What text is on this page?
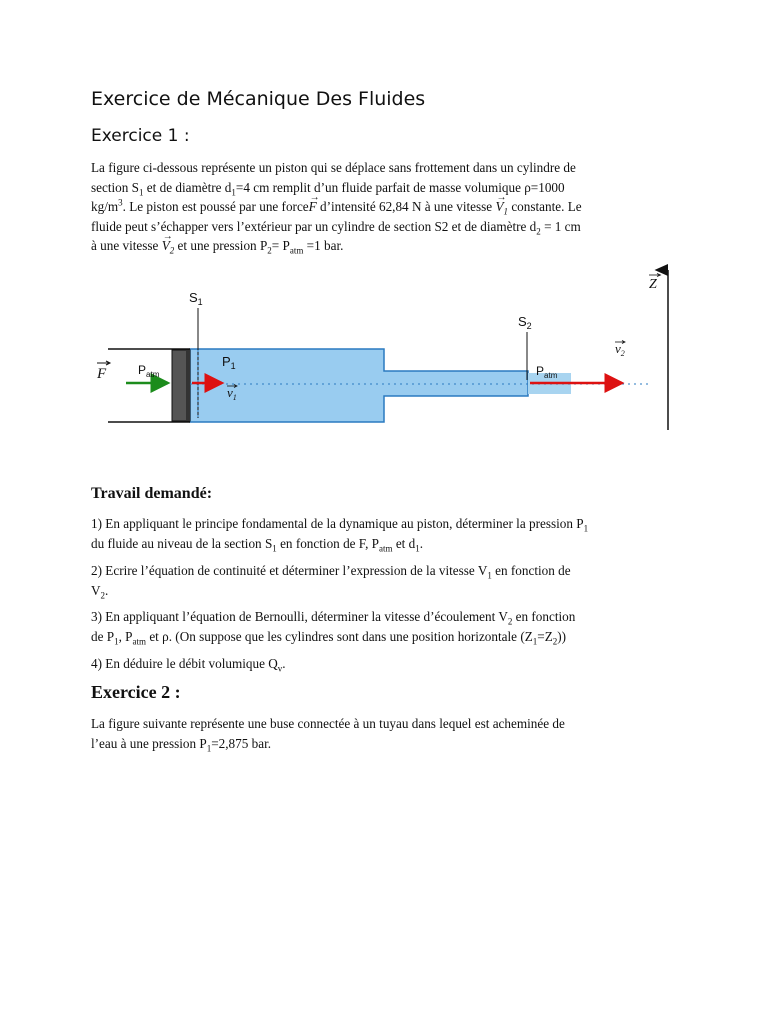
Exercice de Mécanique Des Fluides
Exercice 1 :
La figure ci-dessous représente un piston qui se déplace sans frottement dans un cylindre de
section $S_1$ et de diamètre $d_1=4$ cm remplit d’un fluide parfait de masse volumique ρ=1000
$kg/m^3$. Le piston est poussé par une force→ F d’intensité 62,84 N à une vitesse → $V_1$ constante. Le
fluide peut s’échapper vers l’extérieur par un cylindre de section S2 et de diamètre $d_2 = 1$ cm
à une vitesse → $V_2$ et une pression $P_2= P_{atm} =1$ bar.
$S_1$
$S_2$
$P_1$
$P_{atm}$	$P_{atm}$
F
$v_1$
$v_2$
Z
Travail demandé:
1) En appliquant le principe fondamental de la dynamique au piston, déterminer la pression $P_1$
du fluide au niveau de la section $S_1$ en fonction de F, $P_{atm}$ et $d_1$.
2) Ecrire l’équation de continuité et déterminer l’expression de la vitesse $V_1$ en fonction de
$V_2$.
3) En appliquant l’équation de Bernoulli, déterminer la vitesse d’écoulement $V_2$ en fonction
de $P_1$, $P_{atm}$ et ρ. (On suppose que les cylindres sont dans une position horizontale $(Z_1=Z_2)$)
4) En déduire le débit volumique $Q_v$.
Exercice 2 :
La figure suivante représente une buse connectée à un tuyau dans lequel est acheminée de
l’eau à une pression $P_1=2,875$ bar.
